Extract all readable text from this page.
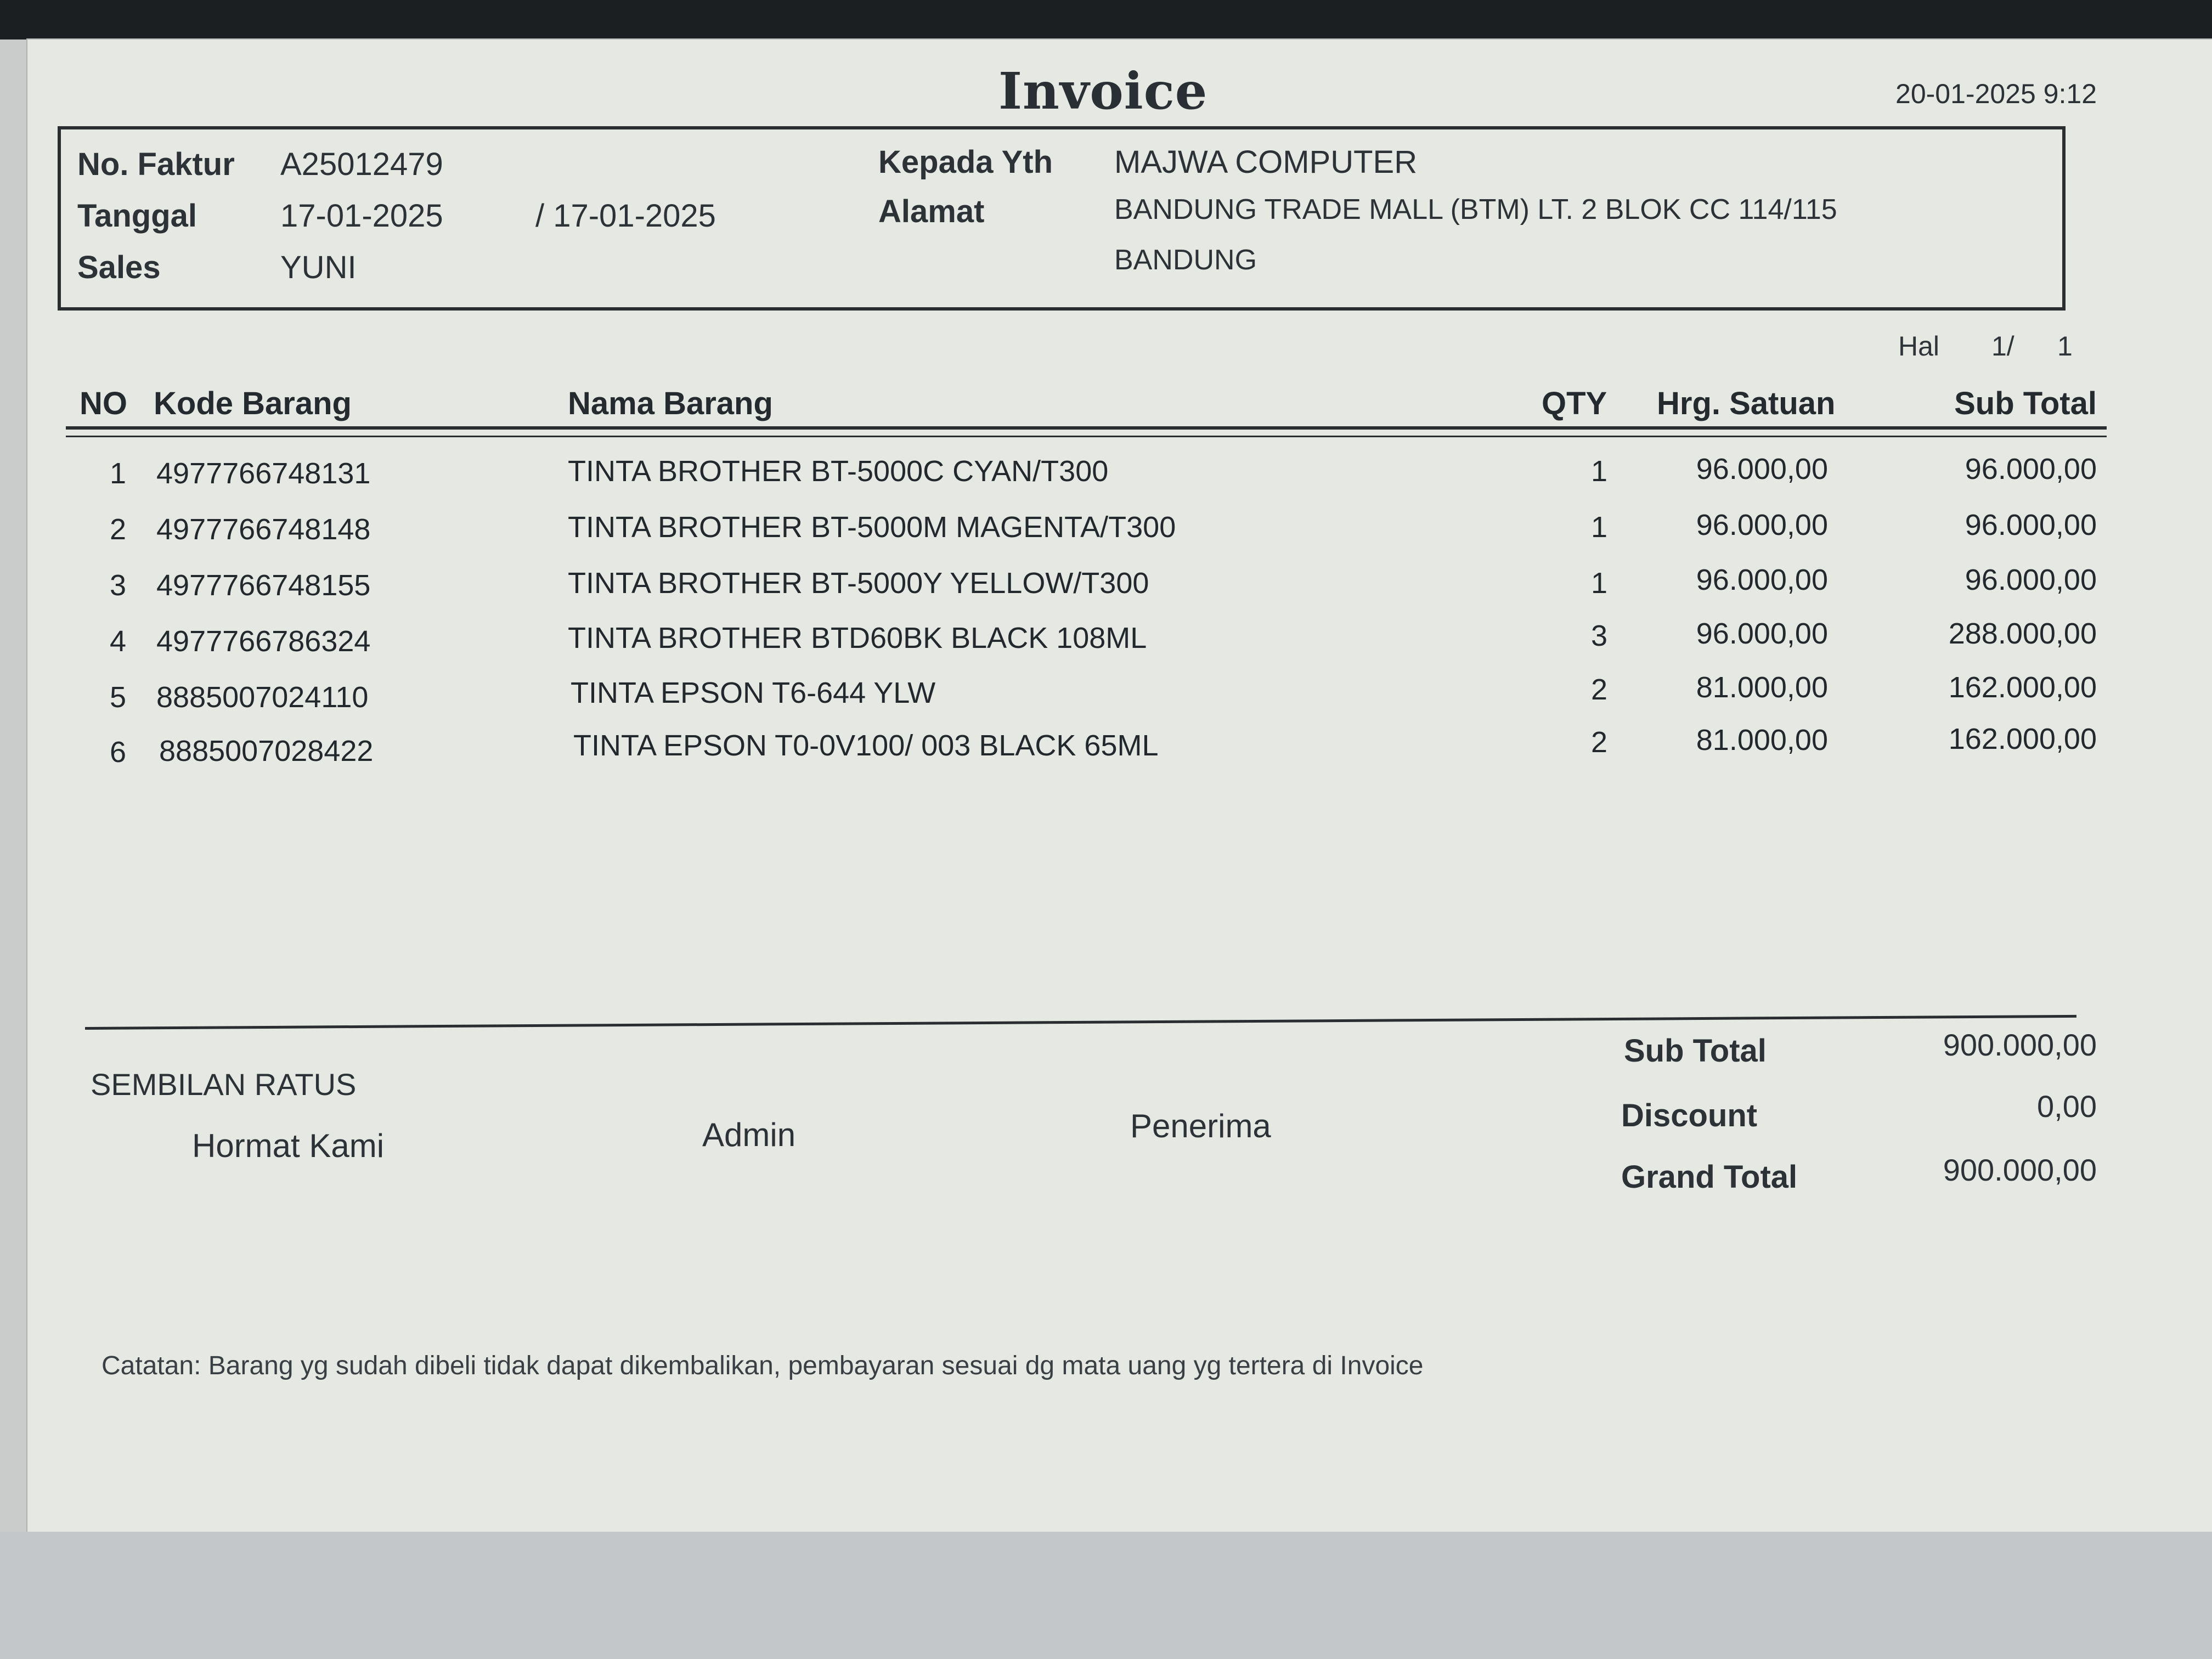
Invoice	20-01-2025 9:12
No. Faktur A25012479
Tanggal	17-01-2025	/ 17-01-2025
Sales	YUNI
Kepada Yth MAJWA COMPUTER
Alamat	BANDUNG TRADE MALL (BTM) LT. 2 BLOK CC 114/115
BANDUNG
Hal 1/ 1
NO Kode Barang	Nama Barang	QTY Hrg. Satuan	Sub Total
1 4977766748131	TINTA BROTHER BT-5000C CYAN/T300	1	96.000,00	96.000,00
2 4977766748148	TINTA BROTHER BT-5000M MAGENTA/T300	1	96.000,00	96.000,00
3 4977766748155	TINTA BROTHER BT-5000Y YELLOW/T300	1	96.000,00	96.000,00
4 4977766786324	TINTA BROTHER BTD60BK BLACK 108ML	3	96.000,00	288.000,00
5 8885007024110	TINTA EPSON T6-644 YLW	2	81.000,00	162.000,00
6 8885007028422	TINTA EPSON T0-0V100/ 003 BLACK 65ML	2	81.000,00	162.000,00
Sub Total	900.000,00
Discount	0,00
Grand Total	900.000,00
SEMBILAN RATUS
Hormat Kami	Admin	Penerima
Catatan: Barang yg sudah dibeli tidak dapat dikembalikan, pembayaran sesuai dg mata uang yg tertera di Invoice
